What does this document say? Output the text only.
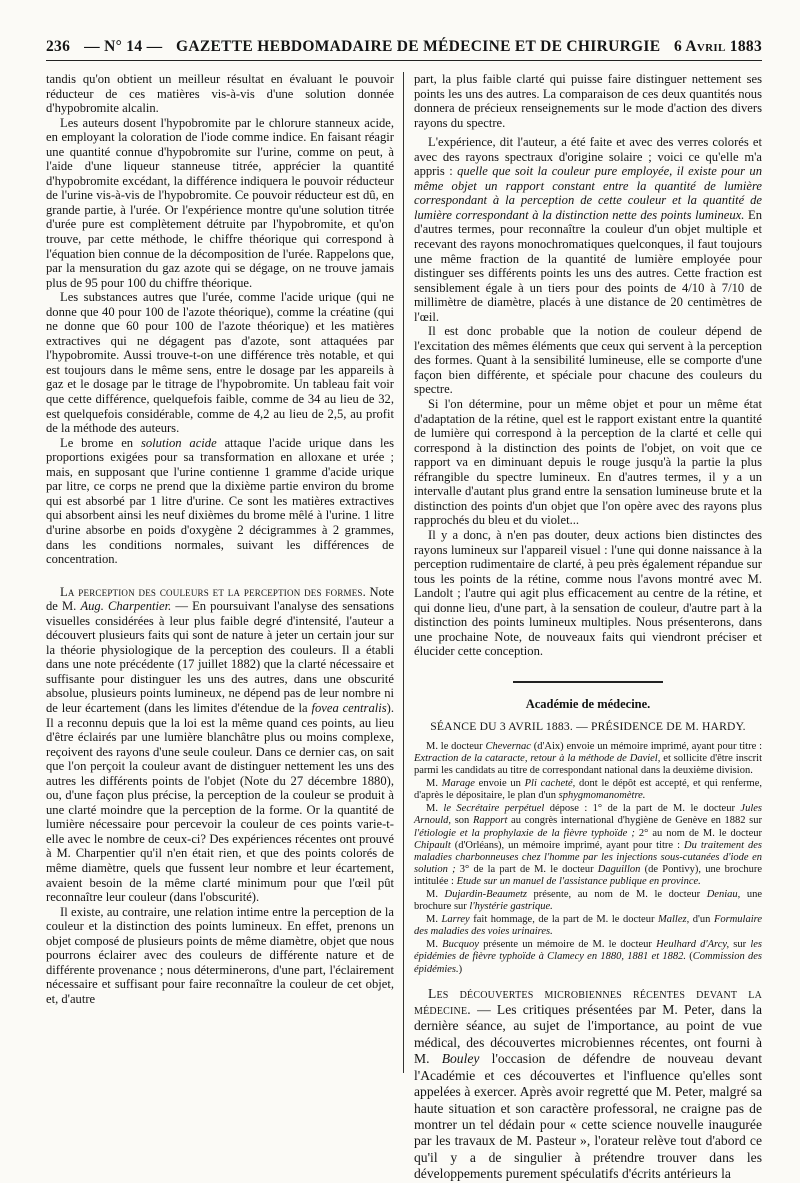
236 — N° 14 — GAZETTE HEBDOMADAIRE DE MÉDECINE ET DE CHIRURGIE 6 Avril 1883

tandis qu'on obtient un meilleur résultat en évaluant le pouvoir réducteur de ces matières vis-à-vis d'une solution donnée d'hypobromite alcalin.

Les auteurs dosent l'hypobromite par le chlorure stanneux acide, en employant la coloration de l'iode comme indice. En faisant réagir une quantité connue d'hypobromite sur l'urine, comme on peut, à l'aide d'une liqueur stanneuse titrée, apprécier la quantité d'hypobromite excédant, la différence indiquera le pouvoir réducteur de l'urine vis-à-vis de l'hypobromite. Ce pouvoir réducteur est dû, en grande partie, à l'urée. Or l'expérience montre qu'une solution titrée d'urée pure est complètement détruite par l'hypobromite, et qu'on trouve, par cette méthode, le chiffre théorique qui correspond à l'équation bien connue de la décomposition de l'urée. Rappelons que, par la mensuration du gaz azote qui se dégage, on ne trouve jamais plus de 95 pour 100 du chiffre théorique.

Les substances autres que l'urée, comme l'acide urique (qui ne donne que 40 pour 100 de l'azote théorique), comme la créatine (qui ne donne que 60 pour 100 de l'azote théorique) et les matières extractives qui ne dégagent pas d'azote, sont attaquées par l'hypobromite. Aussi trouve-t-on une différence très notable, et qui est toujours dans le même sens, entre le dosage par les appareils à gaz et le dosage par le titrage de l'hypobromite. Un tableau fait voir que cette différence, quelquefois faible, comme de 34 au lieu de 32, est quelquefois considérable, comme de 4,2 au lieu de 2,5, au profit de la méthode des auteurs.

Le brome en solution acide attaque l'acide urique dans les proportions exigées pour sa transformation en alloxane et urée ; mais, en supposant que l'urine contienne 1 gramme d'acide urique par litre, ce corps ne prend que la dixième partie environ du brome qui est absorbé par 1 litre d'urine. Ce sont les matières extractives qui absorbent ainsi les neuf dixièmes du brome mêlé à l'urine. 1 litre d'urine absorbe en poids d'oxygène 2 décigrammes à 2 grammes, dans les conditions normales, suivant les différences de concentration.

La perception des couleurs et la perception des formes. Note de M. Aug. Charpentier. — En poursuivant l'analyse des sensations visuelles considérées à leur plus faible degré d'intensité, l'auteur a découvert plusieurs faits qui sont de nature à jeter un certain jour sur la théorie physiologique de la perception des couleurs. Il a établi dans une note précédente (17 juillet 1882) que la clarté nécessaire et suffisante pour distinguer les uns des autres, dans une obscurité absolue, plusieurs points lumineux, ne dépend pas de leur nombre ni de leur écartement (dans les limites d'étendue de la fovea centralis). Il a reconnu depuis que la loi est la même quand ces points, au lieu d'être éclairés par une lumière blanchâtre plus ou moins complexe, reçoivent des rayons d'une seule couleur. Dans ce dernier cas, on sait que l'on perçoit la couleur avant de distinguer nettement les uns des autres les différents points de l'objet (Note du 27 décembre 1880), ou, d'une façon plus précise, la perception de la couleur se produit à une clarté moindre que la perception de la forme. Or la quantité de lumière nécessaire pour percevoir la couleur de ces points varie-t-elle avec le nombre de ceux-ci? Des expériences récentes ont prouvé à M. Charpentier qu'il n'en était rien, et que des points colorés de même diamètre, quels que fussent leur nombre et leur écartement, avaient besoin de la même clarté minimum pour que l'œil pût reconnaître leur couleur (dans l'obscurité).

Il existe, au contraire, une relation intime entre la perception de la couleur et la distinction des points lumineux. En effet, prenons un objet composé de plusieurs points de même diamètre, objet que nous pourrons éclairer avec des couleurs de différente nature et de différente provenance ; nous déterminerons, d'une part, l'éclairement nécessaire et suffisant pour faire reconnaître la couleur de cet objet, et, d'autre

part, la plus faible clarté qui puisse faire distinguer nettement ses points les uns des autres. La comparaison de ces deux quantités nous donnera de précieux renseignements sur le mode d'action des divers rayons du spectre.

L'expérience, dit l'auteur, a été faite et avec des verres colorés et avec des rayons spectraux d'origine solaire ; voici ce qu'elle m'a appris : quelle que soit la couleur pure employée, il existe pour un même objet un rapport constant entre la quantité de lumière correspondant à la perception de cette couleur et la quantité de lumière correspondant à la distinction nette des points lumineux. En d'autres termes, pour reconnaître la couleur d'un objet multiple et recevant des rayons monochromatiques quelconques, il faut toujours une même fraction de la quantité de lumière employée pour distinguer ses différents points les uns des autres. Cette fraction est sensiblement égale à un tiers pour des points de 4/10 à 7/10 de millimètre de diamètre, placés à une distance de 20 centimètres de l'œil.

Il est donc probable que la notion de couleur dépend de l'excitation des mêmes éléments que ceux qui servent à la perception des formes. Quant à la sensibilité lumineuse, elle se comporte d'une façon bien différente, et spéciale pour chacune des couleurs du spectre.

Si l'on détermine, pour un même objet et pour un même état d'adaptation de la rétine, quel est le rapport existant entre la quantité de lumière qui correspond à la perception de la clarté et celle qui correspond à la distinction des points de l'objet, on voit que ce rapport va en diminuant depuis le rouge jusqu'à la partie la plus réfrangible du spectre lumineux. En d'autres termes, il y a un intervalle d'autant plus grand entre la sensation lumineuse brute et la distinction des points d'un objet que l'on opère avec des rayons plus rapprochés du bleu et du violet...

Il y a donc, à n'en pas douter, deux actions bien distinctes des rayons lumineux sur l'appareil visuel : l'une qui donne naissance à la perception rudimentaire de clarté, à peu près également répandue sur tous les points de la rétine, comme nous l'avons montré avec M. Landolt ; l'autre qui agit plus efficacement au centre de la rétine, et qui donne lieu, d'une part, à la sensation de couleur, d'autre part à la distinction des points lumineux multiples. Nous présenterons, dans une prochaine Note, de nouveaux faits qui viendront préciser et élucider cette conception.

Académie de médecine.
SÉANCE DU 3 AVRIL 1883. — PRÉSIDENCE DE M. HARDY.

M. le docteur Chevernac (d'Aix) envoie un mémoire imprimé, ayant pour titre : Extraction de la cataracte, retour à la méthode de Daviel, et sollicite d'être inscrit parmi les candidats au titre de correspondant national dans la deuxième division.

M. Marage envoie un Pli cacheté, dont le dépôt est accepté, et qui renferme, d'après le dépositaire, le plan d'un sphygmomanomètre.

M. le Secrétaire perpétuel dépose : 1° de la part de M. le docteur Jules Arnould, son Rapport au congrès international d'hygiène de Genève en 1882 sur l'étiologie et la prophylaxie de la fièvre typhoïde ; 2° au nom de M. le docteur Chipault (d'Orléans), un mémoire imprimé, ayant pour titre : Du traitement des maladies charbonneuses chez l'homme par les injections sous-cutanées d'iode en solution ; 3° de la part de M. le docteur Daguillon (de Pontivy), une brochure intitulée : Etude sur un manuel de l'assistance publique en province.

M. Dujardin-Beaumetz présente, au nom de M. le docteur Deniau, une brochure sur l'hystérie gastrique.

M. Larrey fait hommage, de la part de M. le docteur Mallez, d'un Formulaire des maladies des voies urinaires.

M. Bucquoy présente un mémoire de M. le docteur Heulhard d'Arcy, sur les épidémies de fièvre typhoïde à Clamecy en 1880, 1881 et 1882. (Commission des épidémies.)

Les découvertes microbiennes récentes devant la médecine. — Les critiques présentées par M. Peter, dans la dernière séance, au sujet de l'importance, au point de vue médical, des découvertes microbiennes récentes, ont fourni à M. Bouley l'occasion de défendre de nouveau devant l'Académie et ces découvertes et l'influence qu'elles sont appelées à exercer. Après avoir regretté que M. Peter, malgré sa haute situation et son caractère professoral, ne craigne pas de montrer un tel dédain pour « cette science nouvelle inaugurée par les travaux de M. Pasteur », l'orateur relève tout d'abord ce qu'il y a de singulier à prétendre trouver dans les développements purement spéculatifs d'écrits antérieurs la
